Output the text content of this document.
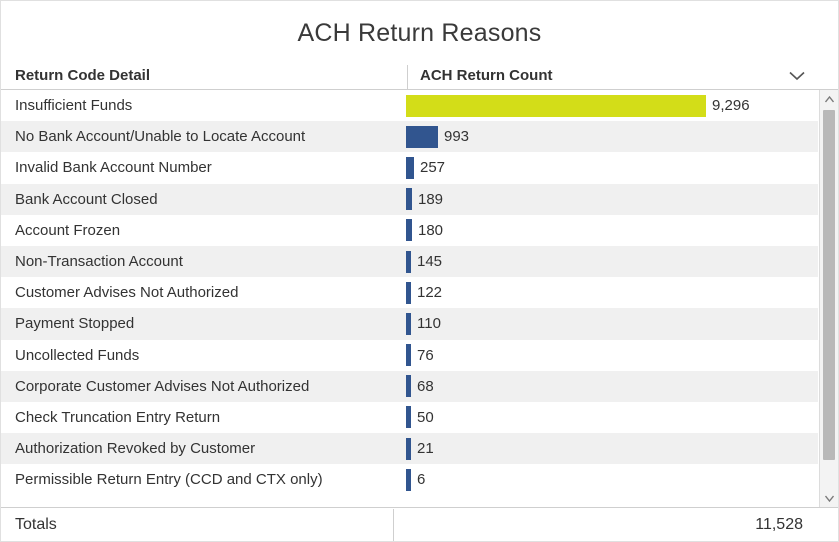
ACH Return Reasons
Return Code Detail	ACH Return Count
Insufficient Funds	9,296
No Bank Account/Unable to Locate Account	993
Invalid Bank Account Number	257
Bank Account Closed	189
Account Frozen	180
Non-Transaction Account	145
Customer Advises Not Authorized	122
Payment Stopped	110
Uncollected Funds	76
Corporate Customer Advises Not Authorized	68
Check Truncation Entry Return	50
Authorization Revoked by Customer	21
Permissible Return Entry (CCD and CTX only)	6
Totals	11,528
